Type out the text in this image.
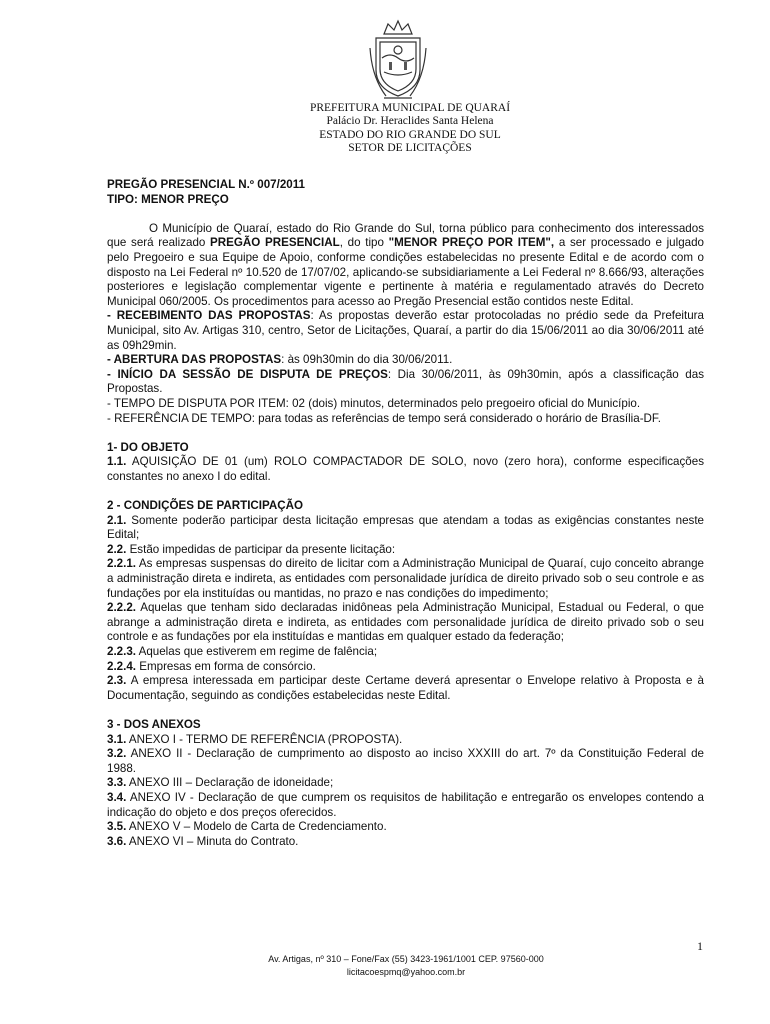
PREFEITURA MUNICIPAL DE QUARAÍ
Palácio Dr. Heraclides Santa Helena
ESTADO DO RIO GRANDE DO SUL
SETOR DE LICITAÇÕES

PREGÃO PRESENCIAL N.º 007/2011

TIPO: MENOR PREÇO

O Município de Quaraí, estado do Rio Grande do Sul, torna público para conhecimento dos interessados que será realizado PREGÃO PRESENCIAL, do tipo "MENOR PREÇO POR ITEM", a ser processado e julgado pelo Pregoeiro e sua Equipe de Apoio, conforme condições estabelecidas no presente Edital e de acordo com o disposto na Lei Federal nº 10.520 de 17/07/02, aplicando-se subsidiariamente a Lei Federal nº 8.666/93, alterações posteriores e legislação complementar vigente e pertinente à matéria e regulamentado através do Decreto Municipal 060/2005. Os procedimentos para acesso ao Pregão Presencial estão contidos neste Edital.

- RECEBIMENTO DAS PROPOSTAS: As propostas deverão estar protocoladas no prédio sede da Prefeitura Municipal, sito Av. Artigas 310, centro, Setor de Licitações, Quaraí, a partir do dia 15/06/2011 ao dia 30/06/2011 até as 09h29min.

- ABERTURA DAS PROPOSTAS: às 09h30min do dia 30/06/2011.

- INÍCIO DA SESSÃO DE DISPUTA DE PREÇOS: Dia 30/06/2011, às 09h30min, após a classificação das Propostas.

- TEMPO DE DISPUTA POR ITEM: 02 (dois) minutos, determinados pelo pregoeiro oficial do Município.

- REFERÊNCIA DE TEMPO: para todas as referências de tempo será considerado o horário de Brasília-DF.

1- DO OBJETO

1.1. AQUISIÇÃO DE 01 (um) ROLO COMPACTADOR DE SOLO, novo (zero hora), conforme especificações constantes no anexo I do edital.

2 - CONDIÇÕES DE PARTICIPAÇÃO

2.1. Somente poderão participar desta licitação empresas que atendam a todas as exigências constantes neste Edital;

2.2. Estão impedidas de participar da presente licitação:

2.2.1. As empresas suspensas do direito de licitar com a Administração Municipal de Quaraí, cujo conceito abrange a administração direta e indireta, as entidades com personalidade jurídica de direito privado sob o seu controle e as fundações por ela instituídas ou mantidas, no prazo e nas condições do impedimento;

2.2.2. Aquelas que tenham sido declaradas inidôneas pela Administração Municipal, Estadual ou Federal, o que abrange a administração direta e indireta, as entidades com personalidade jurídica de direito privado sob o seu controle e as fundações por ela instituídas e mantidas em qualquer estado da federação;

2.2.3. Aquelas que estiverem em regime de falência;

2.2.4. Empresas em forma de consórcio.

2.3. A empresa interessada em participar deste Certame deverá apresentar o Envelope relativo à Proposta e à Documentação, seguindo as condições estabelecidas neste Edital.

3 - DOS ANEXOS

3.1. ANEXO I - TERMO DE REFERÊNCIA (PROPOSTA).

3.2. ANEXO II - Declaração de cumprimento ao disposto ao inciso XXXIII do art. 7º da Constituição Federal de 1988.

3.3. ANEXO III – Declaração de idoneidade;

3.4. ANEXO IV - Declaração de que cumprem os requisitos de habilitação e entregarão os envelopes contendo a indicação do objeto e dos preços oferecidos.

3.5. ANEXO V – Modelo de Carta de Credenciamento.

3.6. ANEXO VI – Minuta do Contrato.

1
Av. Artigas, nº 310 – Fone/Fax (55) 3423-1961/1001 CEP. 97560-000
licitacoespmq@yahoo.com.br
